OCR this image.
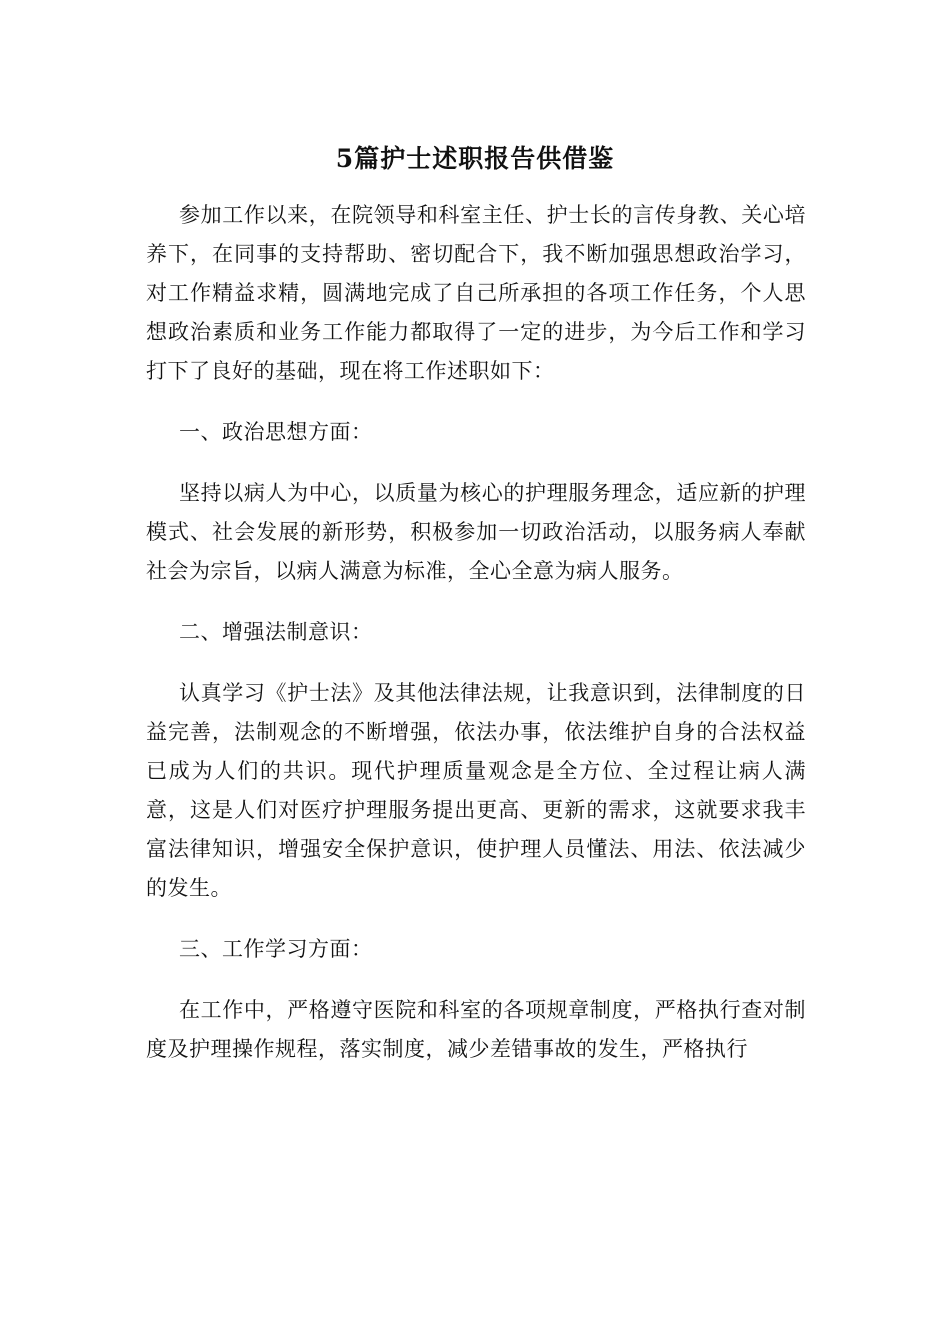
5篇护士述职报告供借鉴

参加工作以来，在院领导和科室主任、护士长的言传身教、关心培养下，在同事的支持帮助、密切配合下，我不断加强思想政治学习，对工作精益求精，圆满地完成了自己所承担的各项工作任务，个人思想政治素质和业务工作能力都取得了一定的进步，为今后工作和学习打下了良好的基础，现在将工作述职如下：

一、政治思想方面：

坚持以病人为中心，以质量为核心的护理服务理念，适应新的护理模式、社会发展的新形势，积极参加一切政治活动，以服务病人奉献社会为宗旨，以病人满意为标准，全心全意为病人服务。

二、增强法制意识：

认真学习《护士法》及其他法律法规，让我意识到，法律制度的日益完善，法制观念的不断增强，依法办事，依法维护自身的合法权益已成为人们的共识。现代护理质量观念是全方位、全过程让病人满意，这是人们对医疗护理服务提出更高、更新的需求，这就要求我丰富法律知识，增强安全保护意识，使护理人员懂法、用法、依法减少的发生。

三、工作学习方面：

在工作中，严格遵守医院和科室的各项规章制度，严格执行查对制度及护理操作规程，落实制度，减少差错事故的发生，严格执行
